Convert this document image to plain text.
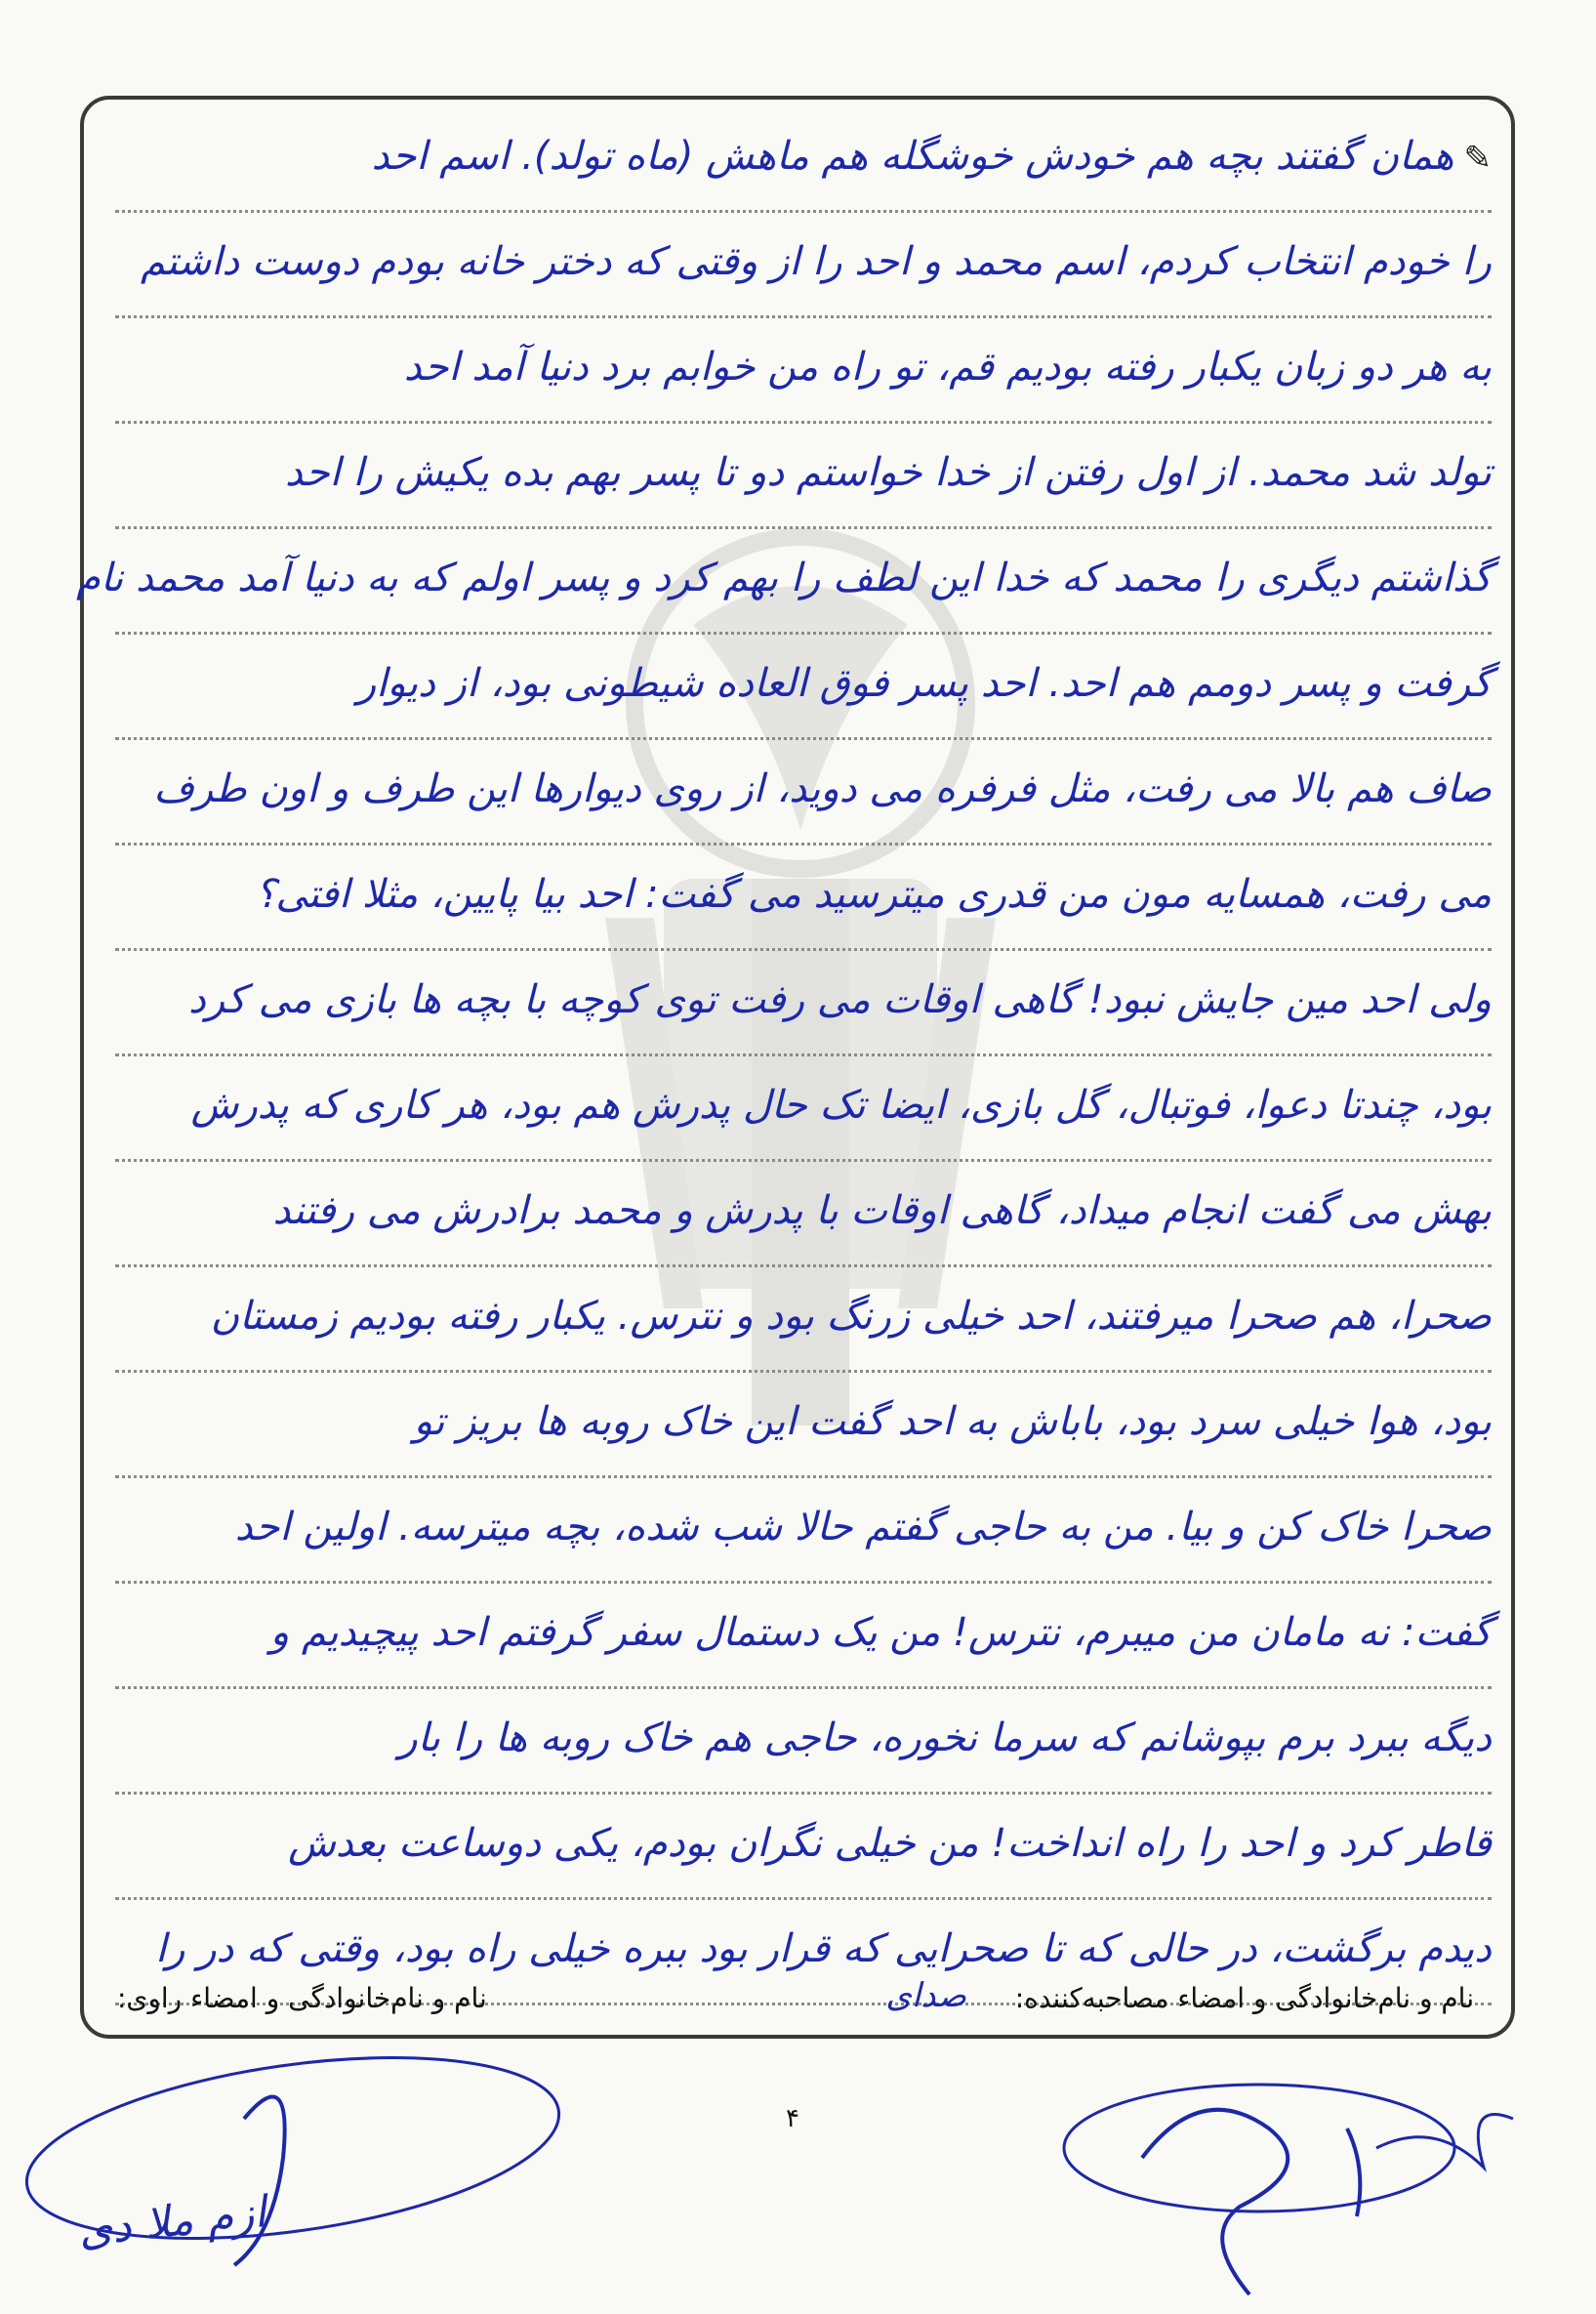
✎همان گفتند بچه هم خودش خوشگله هم ماهش (ماه تولد). اسم احد
را خودم انتخاب کردم، اسم محمد و احد را از وقتی که دختر خانه بودم دوست داشتم
به هر دو زبان یکبار رفته بودیم قم، تو راه من خوابم برد دنیا آمد احد
تولد شد محمد. از اول رفتن از خدا خواستم دو تا پسر بهم بده یکیش را احد
گذاشتم دیگری را محمد که خدا این لطف را بهم کرد و پسر اولم که به دنیا آمد محمد نام
گرفت و پسر دومم هم احد. احد پسر فوق العاده شیطونی بود، از دیوار
صاف هم بالا می رفت، مثل فرفره می دوید، از روی دیوارها این طرف و اون طرف
می رفت، همسایه مون من قدری میترسید می گفت: احد بیا پایین، مثلا افتی؟
ولی احد مین جایش نبود! گاهی اوقات می رفت توی کوچه با بچه ها بازی می کرد
بود، چندتا دعوا، فوتبال، گل بازی، ایضا تک حال پدرش هم بود، هر کاری که پدرش
بهش می گفت انجام میداد، گاهی اوقات با پدرش و محمد برادرش می رفتند
صحرا، هم صحرا میرفتند، احد خیلی زرنگ بود و نترس. یکبار رفته بودیم زمستان
بود، هوا خیلی سرد بود، باباش به احد گفت این خاک روبه ها بریز تو
صحرا خاک کن و بیا. من به حاجی گفتم حالا شب شده، بچه میترسه. اولین احد
گفت: نه مامان من میبرم، نترس! من یک دستمال سفر گرفتم احد پیچیدیم و
دیگه ببرد برم بپوشانم که سرما نخوره، حاجی هم خاک روبه ها را بار
قاطر کرد و احد را راه انداخت! من خیلی نگران بودم، یکی دوساعت بعدش
دیدم برگشت، در حالی که تا صحرایی که قرار بود ببره خیلی راه بود، وقتی که در را
نام و نام‌خانوادگی و امضاء مصاحبه‌کننده:
صدای
نام و نام‌خانوادگی و امضاء راوی:
۴
ازم ملا دی
